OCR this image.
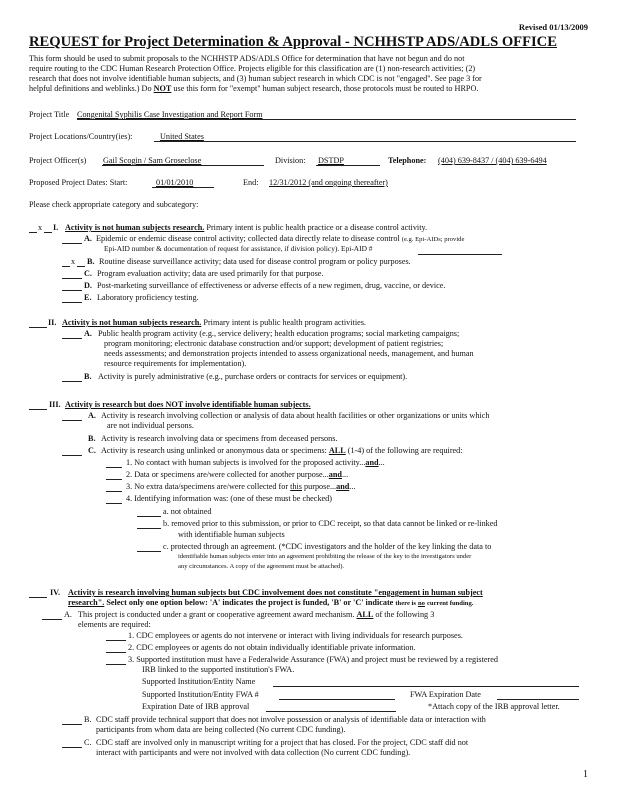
Revised 01/13/2009
REQUEST for Project Determination & Approval - NCHHSTP ADS/ADLS OFFICE
This form should be used to submit proposals to the NCHHSTP ADS/ADLS Office for determination that have not begun and do not
require routing to the CDC Human Research Protection Office. Projects eligible for this classification are (1) non-research activities; (2)
research that does not involve identifiable human subjects, and (3) human subject research in which CDC is not "engaged". See page 3 for
helpful definitions and weblinks.) Do NOT use this form for "exempt" human subject research, those protocols must be routed to HRPO.
Project Title Congenital Syphilis Case Investigation and Report Form
Project Locations/Country(ies):	United States
Project Officer(s) Gail Scogin / Sam Groseclose	Division: DSTDP	Telephone: (404) 639-8437 / (404) 639-6494
Proposed Project Dates: Start:	01/01/2010	End: 12/31/2012 (and ongoing thereafter)
Please check appropriate category and subcategory:
x I. Activity is not human subjects research. Primary intent is public health practice or a disease control activity.
A. Epidemic or endemic disease control activity; collected data directly relate to disease control (e.g. Epi-AIDs; provide
Epi-AID number & documentation of request for assistance, if division policy). Epi-AID #
x B. Routine disease surveillance activity; data used for disease control program or policy purposes.
C. Program evaluation activity; data are used primarily for that purpose.
D. Post-marketing surveillance of effectiveness or adverse effects of a new regimen, drug, vaccine, or device.
E. Laboratory proficiency testing.
II. Activity is not human subjects research. Primary intent is public health program activities.
A. Public health program activity (e.g., service delivery; health education programs; social marketing campaigns;
program monitoring; electronic database construction and/or support; development of patient registries;
needs assessments; and demonstration projects intended to assess organizational needs, management, and human
resource requirements for implementation).
B. Activity is purely administrative (e.g., purchase orders or contracts for services or equipment).
III. Activity is research but does NOT involve identifiable human subjects.
A. Activity is research involving collection or analysis of data about health facilities or other organizations or units which
are not individual persons.
B. Activity is research involving data or specimens from deceased persons.
C. Activity is research using unlinked or anonymous data or specimens: ALL (1-4) of the following are required:
1. No contact with human subjects is involved for the proposed activity...and...
2. Data or specimens are/were collected for another purpose...and...
3. No extra data/specimens are/were collected for this purpose...and...
4. Identifying information was: (one of these must be checked)
a. not obtained
b. removed prior to this submission, or prior to CDC receipt, so that data cannot be linked or re-linked
with identifiable human subjects
c. protected through an agreement. (*CDC investigators and the holder of the key linking the data to
identifiable human subjects enter into an agreement prohibiting the release of the key to the investigators under
any circumstances. A copy of the agreement must be attached).
IV. Activity is research involving human subjects but CDC involvement does not constitute "engagement in human subject
research". Select only one option below: 'A' indicates the project is funded, 'B' or 'C' indicate there is no current funding.
A. This project is conducted under a grant or cooperative agreement award mechanism. ALL of the following 3
elements are required:
1. CDC employees or agents do not intervene or interact with living individuals for research purposes.
2. CDC employees or agents do not obtain individually identifiable private information.
3. Supported institution must have a Federalwide Assurance (FWA) and project must be reviewed by a registered
IRB linked to the supported institution's FWA.
Supported Institution/Entity Name
Supported Institution/Entity FWA #	FWA Expiration Date
Expiration Date of IRB approval	*Attach copy of the IRB approval letter.
B. CDC staff provide technical support that does not involve possession or analysis of identifiable data or interaction with
participants from whom data are being collected (No current CDC funding).
C. CDC staff are involved only in manuscript writing for a project that has closed. For the project, CDC staff did not
interact with participants and were not involved with data collection (No current CDC funding).
1
